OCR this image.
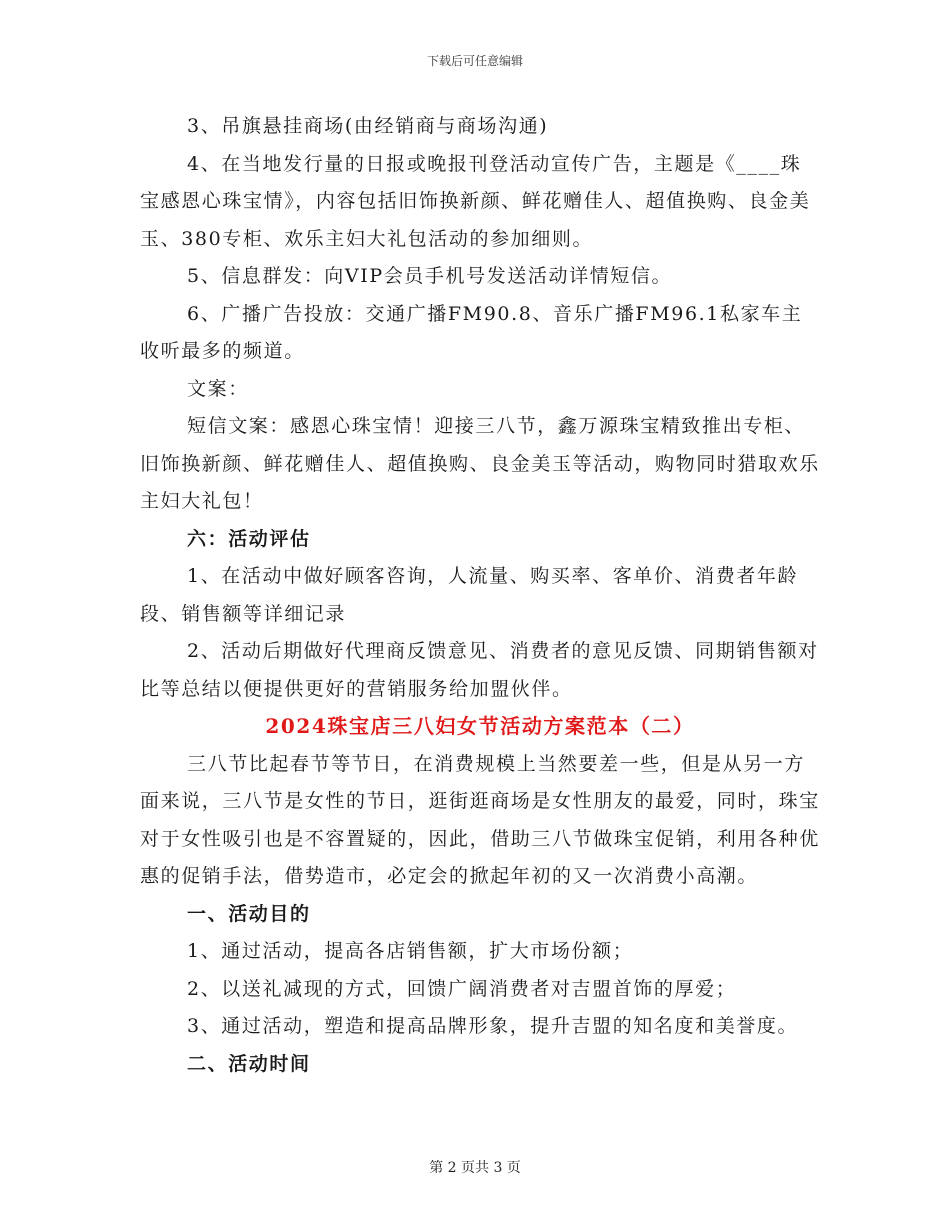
下载后可任意编辑

3、吊旗悬挂商场(由经销商与商场沟通)

4、在当地发行量的日报或晚报刊登活动宣传广告，主题是《____珠宝感恩心珠宝情》，内容包括旧饰换新颜、鲜花赠佳人、超值换购、良金美玉、380专柜、欢乐主妇大礼包活动的参加细则。

5、信息群发：向VIP会员手机号发送活动详情短信。

6、广播广告投放：交通广播FM90.8、音乐广播FM96.1私家车主收听最多的频道。

文案：

短信文案：感恩心珠宝情！迎接三八节，鑫万源珠宝精致推出专柜、旧饰换新颜、鲜花赠佳人、超值换购、良金美玉等活动，购物同时猎取欢乐主妇大礼包！

六：活动评估

1、在活动中做好顾客咨询，人流量、购买率、客单价、消费者年龄段、销售额等详细记录

2、活动后期做好代理商反馈意见、消费者的意见反馈、同期销售额对比等总结以便提供更好的营销服务给加盟伙伴。

2024珠宝店三八妇女节活动方案范本（二）

三八节比起春节等节日，在消费规模上当然要差一些，但是从另一方面来说，三八节是女性的节日，逛街逛商场是女性朋友的最爱，同时，珠宝对于女性吸引也是不容置疑的，因此，借助三八节做珠宝促销，利用各种优惠的促销手法，借势造市，必定会的掀起年初的又一次消费小高潮。

一、活动目的

1、通过活动，提高各店销售额，扩大市场份额；

2、以送礼减现的方式，回馈广阔消费者对吉盟首饰的厚爱；

3、通过活动，塑造和提高品牌形象，提升吉盟的知名度和美誉度。

二、活动时间

第 2 页共 3 页
